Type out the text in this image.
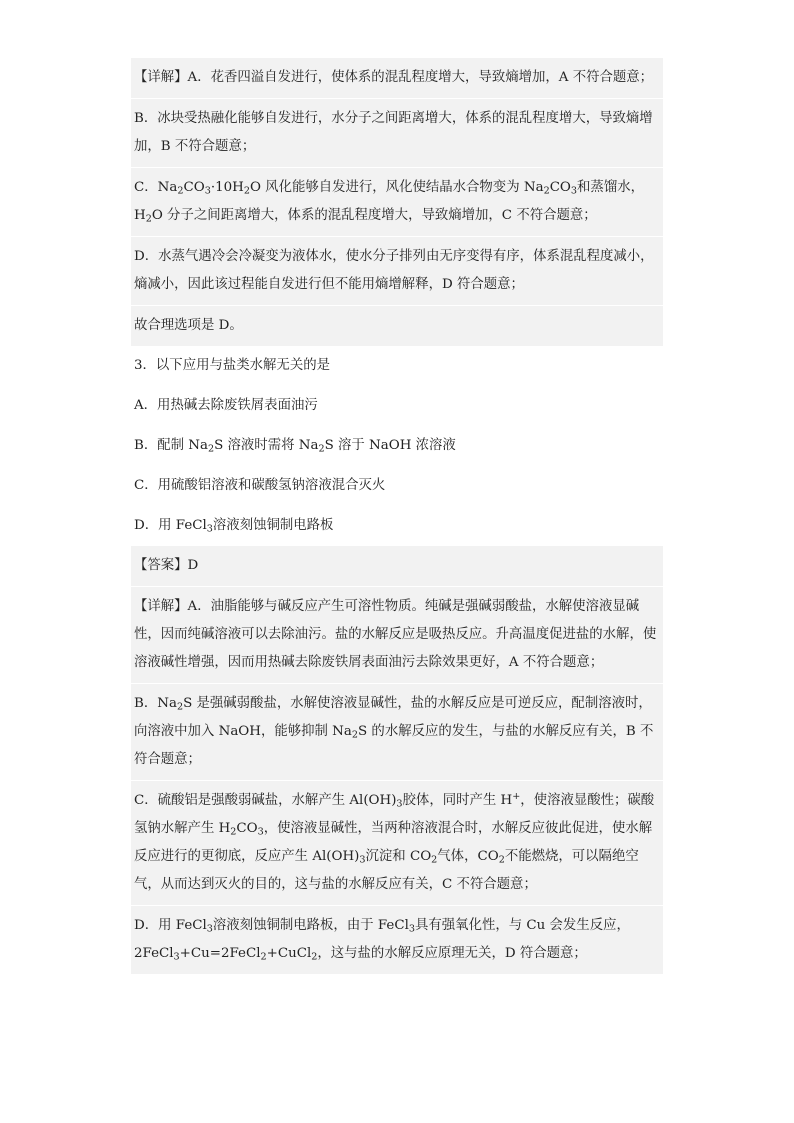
【详解】A．花香四溢自发进行，使体系的混乱程度增大，导致熵增加，A 不符合题意；

B．冰块受热融化能够自发进行，水分子之间距离增大，体系的混乱程度增大，导致熵增加，B 不符合题意；

C．$Na_2CO_3\cdot 10H_2O$ 风化能够自发进行，风化使结晶水合物变为 $Na_2CO_3$和蒸馏水，$H_2O$ 分子之间距离增大，体系的混乱程度增大，导致熵增加，C 不符合题意；

D．水蒸气遇冷会冷凝变为液体水，使水分子排列由无序变得有序，体系混乱程度减小，熵减小，因此该过程能自发进行但不能用熵增解释，D 符合题意；

故合理选项是 D。

3．以下应用与盐类水解无关的是

A．用热碱去除废铁屑表面油污

B．配制 $Na_2S$ 溶液时需将 $Na_2S$ 溶于 NaOH 浓溶液

C．用硫酸铝溶液和碳酸氢钠溶液混合灭火

D．用 FeCl$_3$溶液刻蚀铜制电路板

【答案】D

【详解】A．油脂能够与碱反应产生可溶性物质。纯碱是强碱弱酸盐，水解使溶液显碱性，因而纯碱溶液可以去除油污。盐的水解反应是吸热反应。升高温度促进盐的水解，使溶液碱性增强，因而用热碱去除废铁屑表面油污去除效果更好，A 不符合题意；

B．$Na_2S$ 是强碱弱酸盐，水解使溶液显碱性，盐的水解反应是可逆反应，配制溶液时，向溶液中加入 NaOH，能够抑制 $Na_2S$ 的水解反应的发生，与盐的水解反应有关，B 不符合题意；

C．硫酸铝是强酸弱碱盐，水解产生 $Al(OH)_3$胶体，同时产生 H+，使溶液显酸性；碳酸氢钠水解产生 $H_2CO_3$，使溶液显碱性，当两种溶液混合时，水解反应彼此促进，使水解反应进行的更彻底，反应产生 $Al(OH)_3$沉淀和 $CO_2$气体，$CO_2$不能燃烧，可以隔绝空气，从而达到灭火的目的，这与盐的水解反应有关，C 不符合题意；

D．用 FeCl$_3$溶液刻蚀铜制电路板，由于 FeCl$_3$具有强氧化性，与 Cu 会发生反应，2FeCl$_3$+Cu=2FeCl$_2$+CuCl$_2$，这与盐的水解反应原理无关，D 符合题意；
